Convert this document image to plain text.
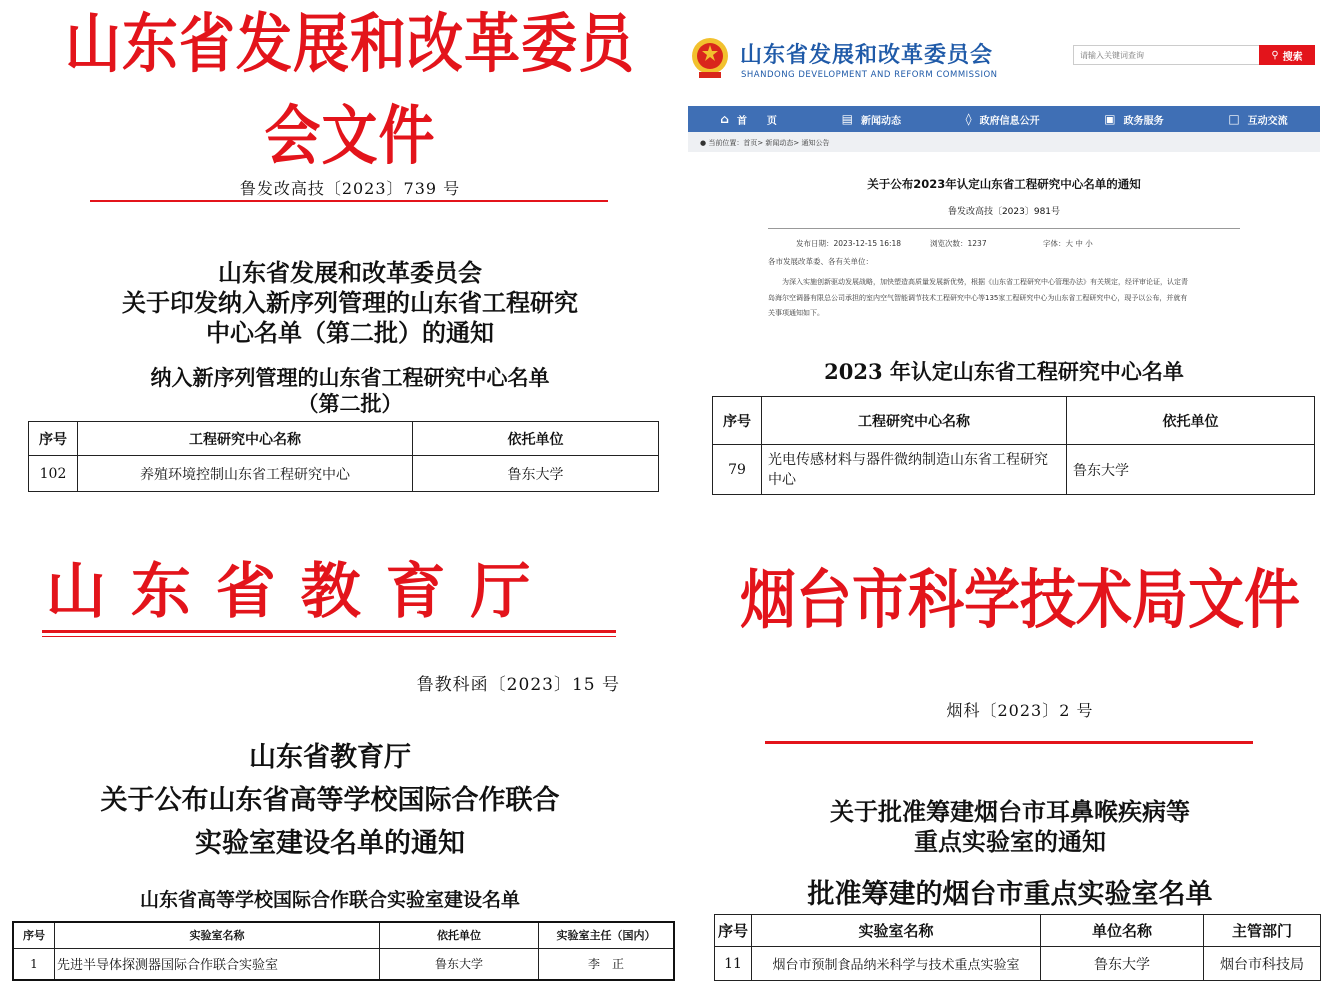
山东省发展和改革委员会文件
鲁发改高技〔2023〕739 号
山东省发展和改革委员会
关于印发纳入新序列管理的山东省工程研究
中心名单（第二批）的通知
纳入新序列管理的山东省工程研究中心名单
（第二批）
序号	工程研究中心名称	依托单位
102	养殖环境控制山东省工程研究中心	鲁东大学
山东省发展和改革委员会
SHANDONG DEVELOPMENT AND REFORM COMMISSION
请输入关键词查询
⚲ 搜索
⌂ 首　　页	▤ 新闻动态	◊ 政府信息公开	▣ 政务服务	□ 互动交流
● 当前位置：首页> 新闻动态> 通知公告
关于公布2023年认定山东省工程研究中心名单的通知
鲁发改高技〔2023〕981号
发布日期：2023-12-15 16:18	浏览次数：1237	字体：大 中 小
各市发展改革委、各有关单位：
为深入实施创新驱动发展战略，加快塑造高质量发展新优势，根据《山东省工程研究中心管理办法》有关规定，经评审论证，认定青
岛海尔空调器有限总公司承担的室内空气智能调节技术工程研究中心等135家工程研究中心为山东省工程研究中心，现予以公布，并就有
关事项通知如下。
2023 年认定山东省工程研究中心名单
序号	工程研究中心名称	依托单位
79	光电传感材料与器件微纳制造山东省工程研究中心	鲁东大学
山 东 省 教 育 厅
鲁教科函〔2023〕15 号
山东省教育厅
关于公布山东省高等学校国际合作联合
实验室建设名单的通知
山东省高等学校国际合作联合实验室建设名单
序号	实验室名称	依托单位	实验室主任（国内）
1	先进半导体探测器国际合作联合实验室	鲁东大学	李　正
烟台市科学技术局文件
烟科〔2023〕2 号
关于批准筹建烟台市耳鼻喉疾病等
重点实验室的通知
批准筹建的烟台市重点实验室名单
序号	实验室名称	单位名称	主管部门
11	烟台市预制食品纳米科学与技术重点实验室	鲁东大学	烟台市科技局
